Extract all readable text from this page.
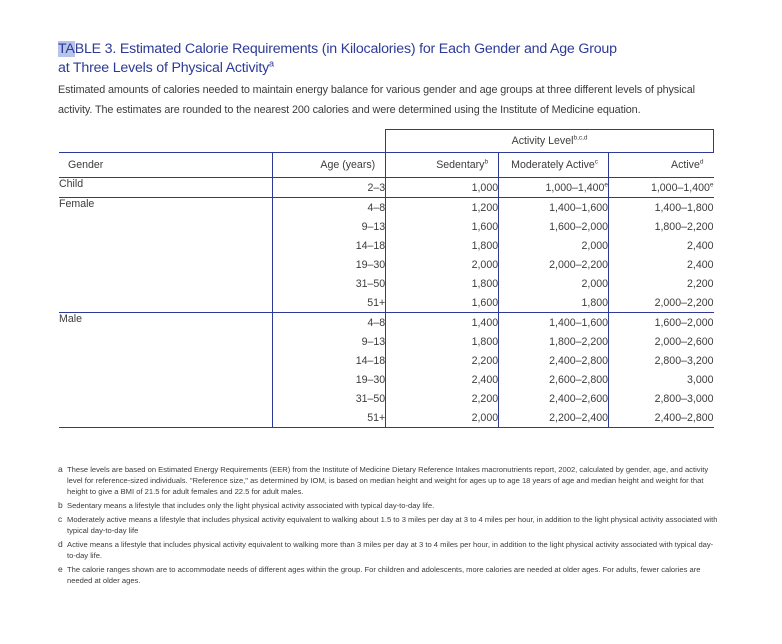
TABLE 3. Estimated Calorie Requirements (in Kilocalories) for Each Gender and Age Group
at Three Levels of Physical Activity$^a$
Estimated amounts of calories needed to maintain energy balance for various gender and age groups at three different levels of physical activity. The estimates are rounded to the nearest 200 calories and were determined using the Institute of Medicine equation.
		Activity Level$^{b,c,d}$
Gender	Age (years)	Sedentary$^b$	Moderately Active$^c$	Active$^d$
Child	2–3	1,000	1,000–1,400e	1,000–1,400e
Female	4–8	1,200	1,400–1,600	1,400–1,800
	9–13	1,600	1,600–2,000	1,800–2,200
	14–18	1,800	2,000	2,400
	19–30	2,000	2,000–2,200	2,400
	31–50	1,800	2,000	2,200
	51+	1,600	1,800	2,000–2,200
Male	4–8	1,400	1,400–1,600	1,600–2,000
	9–13	1,800	1,800–2,200	2,000–2,600
	14–18	2,200	2,400–2,800	2,800–3,200
	19–30	2,400	2,600–2,800	3,000
	31–50	2,200	2,400–2,600	2,800–3,000
	51+	2,000	2,200–2,400	2,400–2,800
a These levels are based on Estimated Energy Requirements (EER) from the Institute of Medicine Dietary Reference Intakes macronutrients report, 2002, calculated by gender, age, and activity level for reference-sized individuals. "Reference size," as determined by IOM, is based on median height and weight for ages up to age 18 years of age and median height and weight for that height to give a BMI of 21.5 for adult females and 22.5 for adult males.
b Sedentary means a lifestyle that includes only the light physical activity associated with typical day-to-day life.
c Moderately active means a lifestyle that includes physical activity equivalent to walking about 1.5 to 3 miles per day at 3 to 4 miles per hour, in addition to the light physical activity associated with typical day-to-day life
d Active means a lifestyle that includes physical activity equivalent to walking more than 3 miles per day at 3 to 4 miles per hour, in addition to the light physical activity associated with typical day-to-day life.
e The calorie ranges shown are to accommodate needs of different ages within the group. For children and adolescents, more calories are needed at older ages. For adults, fewer calories are needed at older ages.
